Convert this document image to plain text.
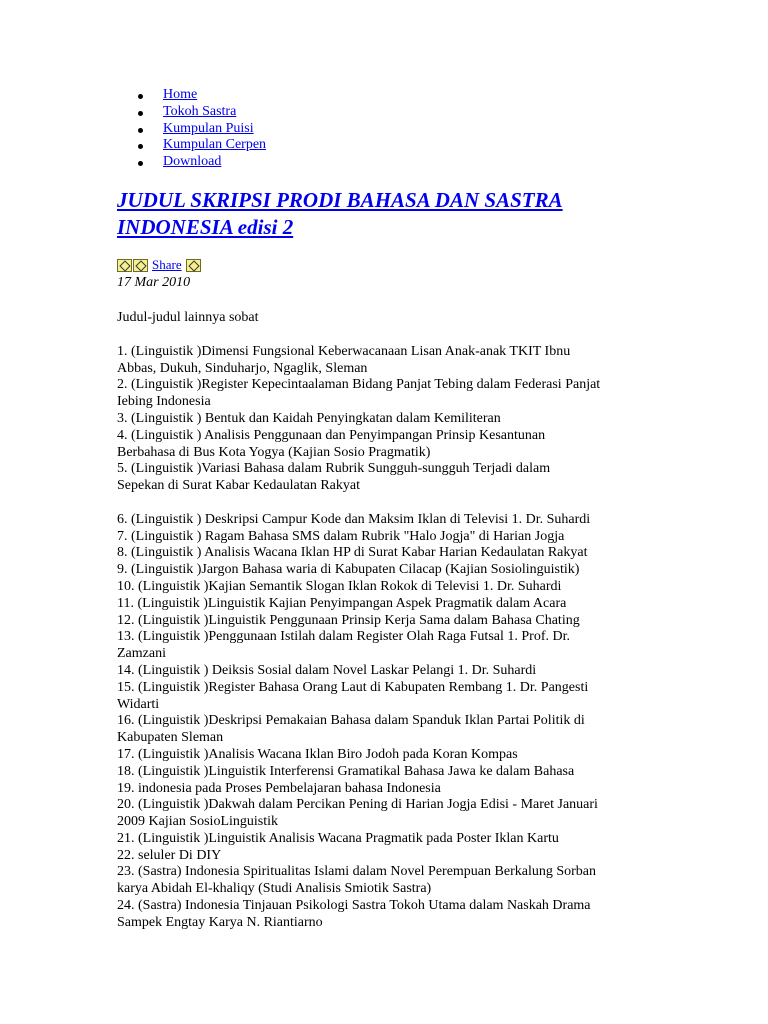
Home
Tokoh Sastra
Kumpulan Puisi
Kumpulan Cerpen
Download
JUDUL SKRIPSI PRODI BAHASA DAN SASTRA
INDONESIA edisi 2
Share
17 Mar 2010
Judul-judul lainnya sobat
1. (Linguistik )Dimensi Fungsional Keberwacanaan Lisan Anak-anak TKIT Ibnu
Abbas, Dukuh, Sinduharjo, Ngaglik, Sleman
2. (Linguistik )Register Kepecintaalaman Bidang Panjat Tebing dalam Federasi Panjat
Iebing Indonesia
3. (Linguistik ) Bentuk dan Kaidah Penyingkatan dalam Kemiliteran
4. (Linguistik ) Analisis Penggunaan dan Penyimpangan Prinsip Kesantunan
Berbahasa di Bus Kota Yogya (Kajian Sosio Pragmatik)
5. (Linguistik )Variasi Bahasa dalam Rubrik Sungguh-sungguh Terjadi dalam
Sepekan di Surat Kabar Kedaulatan Rakyat
6. (Linguistik ) Deskripsi Campur Kode dan Maksim Iklan di Televisi 1. Dr. Suhardi
7. (Linguistik ) Ragam Bahasa SMS dalam Rubrik "Halo Jogja" di Harian Jogja
8. (Linguistik ) Analisis Wacana Iklan HP di Surat Kabar Harian Kedaulatan Rakyat
9. (Linguistik )Jargon Bahasa waria di Kabupaten Cilacap (Kajian Sosiolinguistik)
10. (Linguistik )Kajian Semantik Slogan Iklan Rokok di Televisi 1. Dr. Suhardi
11. (Linguistik )Linguistik Kajian Penyimpangan Aspek Pragmatik dalam Acara
12. (Linguistik )Linguistik Penggunaan Prinsip Kerja Sama dalam Bahasa Chating
13. (Linguistik )Penggunaan Istilah dalam Register Olah Raga Futsal 1. Prof. Dr.
Zamzani
14. (Linguistik ) Deiksis Sosial dalam Novel Laskar Pelangi 1. Dr. Suhardi
15. (Linguistik )Register Bahasa Orang Laut di Kabupaten Rembang 1. Dr. Pangesti
Widarti
16. (Linguistik )Deskripsi Pemakaian Bahasa dalam Spanduk Iklan Partai Politik di
Kabupaten Sleman
17. (Linguistik )Analisis Wacana Iklan Biro Jodoh pada Koran Kompas
18. (Linguistik )Linguistik Interferensi Gramatikal Bahasa Jawa ke dalam Bahasa
19. indonesia pada Proses Pembelajaran bahasa Indonesia
20. (Linguistik )Dakwah dalam Percikan Pening di Harian Jogja Edisi - Maret Januari
2009 Kajian SosioLinguistik
21. (Linguistik )Linguistik Analisis Wacana Pragmatik pada Poster Iklan Kartu
22. seluler Di DIY
23. (Sastra) Indonesia Spiritualitas Islami dalam Novel Perempuan Berkalung Sorban
karya Abidah El-khaliqy (Studi Analisis Smiotik Sastra)
24. (Sastra) Indonesia Tinjauan Psikologi Sastra Tokoh Utama dalam Naskah Drama
Sampek Engtay Karya N. Riantiarno
